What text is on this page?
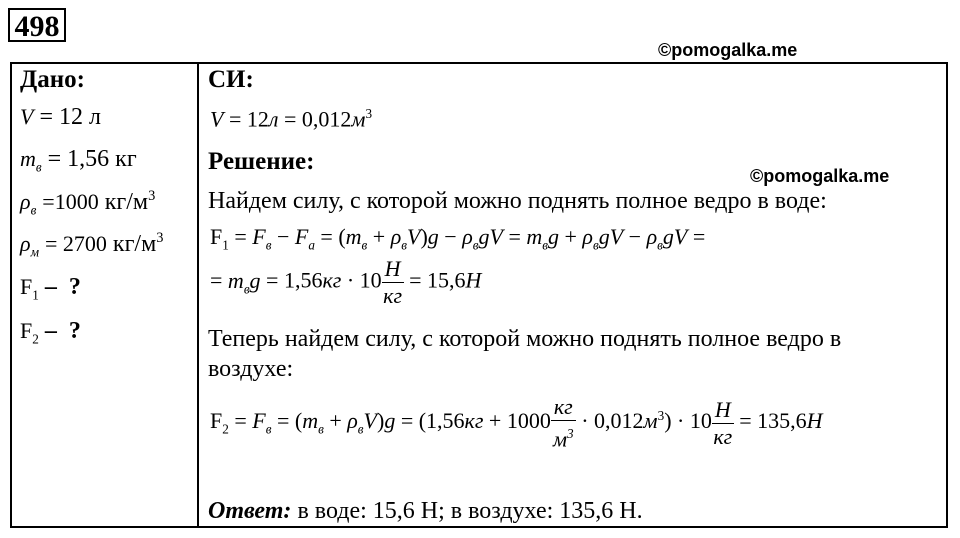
498
©pomogalka.me
Дано:
V = 12 л
$m_в = 1,56$ кг
$\rho_в =1000$ $кг/м^3$
$\rho_м = 2700$ $кг/м^3$
$F_1$ – ?
$F_2$ – ?
СИ:
$V = 12л = 0,012м^3$
Решение:
©pomogalka.me
Найдем силу, с которой можно поднять полное ведро в воде:
$F_1 = F_в - F_а = (m_в + \rho_вV)g - \rho_вgV = m_вg + \rho_вgV - \rho_вgV$ =
= $m_вg = 1,56кг \cdot 10 \frac{Н}{кг} = 15,6Н$
Теперь найдем силу, с которой можно поднять полное ведро в
воздухе:
$F_2 = F_в = (m_в + \rho_вV)g = (1,56кг + 1000 \frac{кг}{м^3} \cdot 0,012м^3) \cdot 10 \frac{Н}{кг} = 135,6Н$
Ответ: в воде: 15,6 Н; в воздухе: 135,6 Н.
